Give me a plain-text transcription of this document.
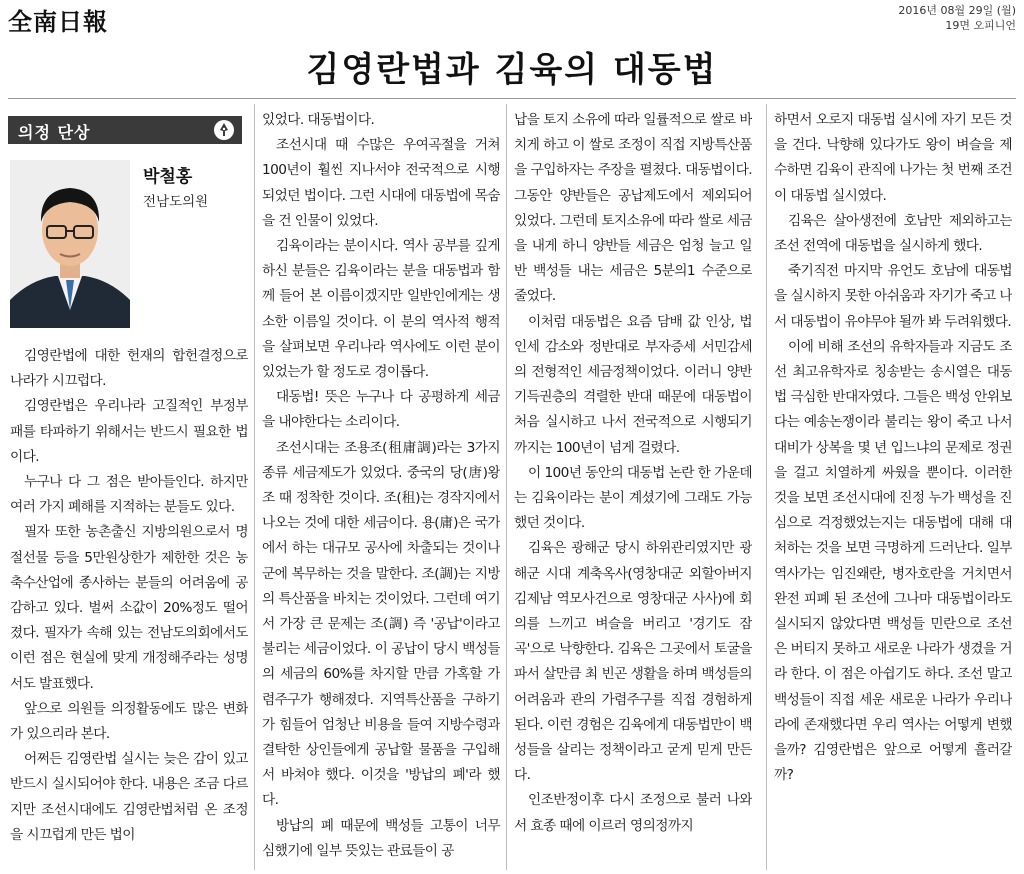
全南日報	2016년 08월 29일 (월)
19면 오피니언
김영란법과 김육의 대동법
의정 단상
박철홍
전남도의원

김영란법에 대한 헌재의 합헌결정으로 나라가 시끄럽다.

김영란법은 우리나라 고질적인 부정부패를 타파하기 위해서는 반드시 필요한 법이다.

누구나 다 그 점은 받아들인다. 하지만 여러 가지 폐해를 지적하는 분들도 있다.

필자 또한 농촌출신 지방의원으로서 명절선물 등을 5만원상한가 제한한 것은 농축수산업에 종사하는 분들의 어려움에 공감하고 있다. 벌써 소값이 20%정도 떨어졌다. 필자가 속해 있는 전남도의회에서도 이런 점은 현실에 맞게 개정해주라는 성명서도 발표했다.

앞으로 의원들 의정활동에도 많은 변화가 있으리라 본다.

어쩌든 김영란법 실시는 늦은 감이 있고 반드시 실시되어야 한다. 내용은 조금 다르지만 조선시대에도 김영란법처럼 온 조정을 시끄럽게 만든 법이

있었다. 대동법이다.

조선시대 때 수많은 우여곡절을 거쳐 100년이 훨씬 지나서야 전국적으로 시행되었던 법이다. 그런 시대에 대동법에 목숨을 건 인물이 있었다.

김육이라는 분이시다. 역사 공부를 깊게 하신 분들은 김육이라는 분을 대동법과 함께 들어 본 이름이겠지만 일반인에게는 생소한 이름일 것이다. 이 분의 역사적 행적을 살펴보면 우리나라 역사에도 이런 분이 있었는가 할 정도로 경이롭다.

대동법! 뜻은 누구나 다 공평하게 세금을 내야한다는 소리이다.

조선시대는 조용조(租庸調)라는 3가지 종류 세금제도가 있었다. 중국의 당(唐)왕조 때 정착한 것이다. 조(租)는 경작지에서 나오는 것에 대한 세금이다. 용(庸)은 국가에서 하는 대규모 공사에 차출되는 것이나 군에 복무하는 것을 말한다. 조(調)는 지방의 특산품을 바치는 것이었다. 그런데 여기서 가장 큰 문제는 조(調) 즉 '공납'이라고 불리는 세금이었다. 이 공납이 당시 백성들의 세금의 60%를 차지할 만큼 가혹할 가렴주구가 행해졌다. 지역특산품을 구하기가 힘들어 엄청난 비용을 들여 지방수령과 결탁한 상인들에게 공납할 물품을 구입해서 바쳐야 했다. 이것을 '방납의 폐'라 했다.

방납의 폐 때문에 백성들 고통이 너무 심했기에 일부 뜻있는 관료들이 공

납을 토지 소유에 따라 일률적으로 쌀로 바치게 하고 이 쌀로 조정이 직접 지방특산품을 구입하자는 주장을 펼쳤다. 대동법이다. 그동안 양반들은 공납제도에서 제외되어 있었다. 그런데 토지소유에 따라 쌀로 세금을 내게 하니 양반들 세금은 엄청 늘고 일반 백성들 내는 세금은 5분의1 수준으로 줄었다.

이처럼 대동법은 요즘 담배 값 인상, 법인세 감소와 정반대로 부자증세 서민감세의 전형적인 세금정책이었다. 이러니 양반 기득권층의 격렬한 반대 때문에 대동법이 처음 실시하고 나서 전국적으로 시행되기까지는 100년이 넘게 걸렸다.

이 100년 동안의 대동법 논란 한 가운데는 김육이라는 분이 계셨기에 그래도 가능했던 것이다.

김육은 광해군 당시 하위관리였지만 광해군 시대 계축옥사(영창대군 외할아버지 김제남 역모사건으로 영창대군 사사)에 회의를 느끼고 벼슬을 버리고 '경기도 잠곡'으로 낙향한다. 김육은 그곳에서 토굴을 파서 살만큼 최 빈곤 생활을 하며 백성들의 어려움과 관의 가렴주구를 직접 경험하게 된다. 이런 경험은 김육에게 대동법만이 백성들을 살리는 정책이라고 굳게 믿게 만든다.

인조반정이후 다시 조정으로 불러 나와서 효종 때에 이르러 영의정까지

하면서 오로지 대동법 실시에 자기 모든 것을 건다. 낙향해 있다가도 왕이 벼슬을 제수하면 김육이 관직에 나가는 첫 번째 조건이 대동법 실시였다.

김육은 살아생전에 호남만 제외하고는 조선 전역에 대동법을 실시하게 했다.

죽기직전 마지막 유언도 호남에 대동법을 실시하지 못한 아쉬움과 자기가 죽고 나서 대동법이 유야무야 될까 봐 두려워했다.

이에 비해 조선의 유학자들과 지금도 조선 최고유학자로 칭송받는 송시열은 대동법 극심한 반대자였다. 그들은 백성 안위보다는 예송논쟁이라 불리는 왕이 죽고 나서 대비가 상복을 몇 년 입느냐의 문제로 정권을 걸고 치열하게 싸웠을 뿐이다. 이러한 것을 보면 조선시대에 진정 누가 백성을 진심으로 걱정했었는지는 대동법에 대해 대처하는 것을 보면 극명하게 드러난다. 일부 역사가는 임진왜란, 병자호란을 거치면서 완전 피폐 된 조선에 그나마 대동법이라도 실시되지 않았다면 백성들 민란으로 조선은 버티지 못하고 새로운 나라가 생겼을 거라 한다. 이 점은 아쉽기도 하다. 조선 말고 백성들이 직접 세운 새로운 나라가 우리나라에 존재했다면 우리 역사는 어떻게 변했을까? 김영란법은 앞으로 어떻게 흘러갈까?
